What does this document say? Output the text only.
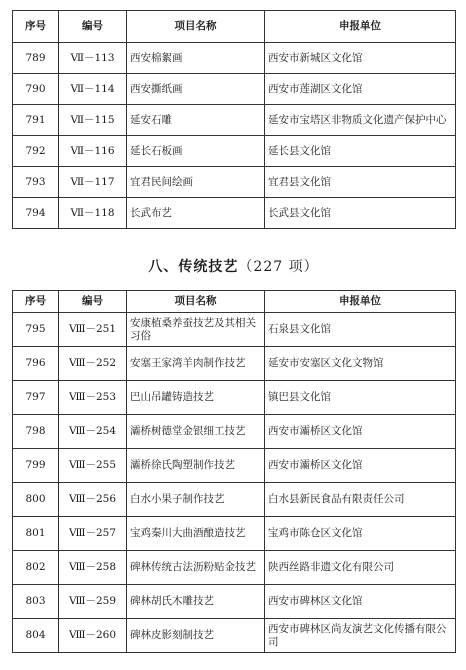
序号	编号	项目名称	申报单位
789	Ⅶ－113	西安棉絮画	西安市新城区文化馆
790	Ⅶ－114	西安撕纸画	西安市莲湖区文化馆
791	Ⅶ－115	延安石雕	延安市宝塔区非物质文化遗产保护中心
792	Ⅶ－116	延长石板画	延长县文化馆
793	Ⅶ－117	宜君民间绘画	宜君县文化馆
794	Ⅶ－118	长武布艺	长武县文化馆
八、传统技艺（227 项）
序号	编号	项目名称	申报单位
795	Ⅷ－251	安康植桑养蚕技艺及其相关习俗	石泉县文化馆
796	Ⅷ－252	安塞王家湾羊肉制作技艺	延安市安塞区文化文物馆
797	Ⅷ－253	巴山吊罐铸造技艺	镇巴县文化馆
798	Ⅷ－254	灞桥树德堂金银细工技艺	西安市灞桥区文化馆
799	Ⅷ－255	灞桥徐氏陶塑制作技艺	西安市灞桥区文化馆
800	Ⅷ－256	白水小果子制作技艺	白水县新民食品有限责任公司
801	Ⅷ－257	宝鸡秦川大曲酒酿造技艺	宝鸡市陈仓区文化馆
802	Ⅷ－258	碑林传统古法沥粉贴金技艺	陕西丝路非遗文化有限公司
803	Ⅷ－259	碑林胡氏木雕技艺	西安市碑林区文化馆
804	Ⅷ－260	碑林皮影刻制技艺	西安市碑林区尚友演艺文化传播有限公司
